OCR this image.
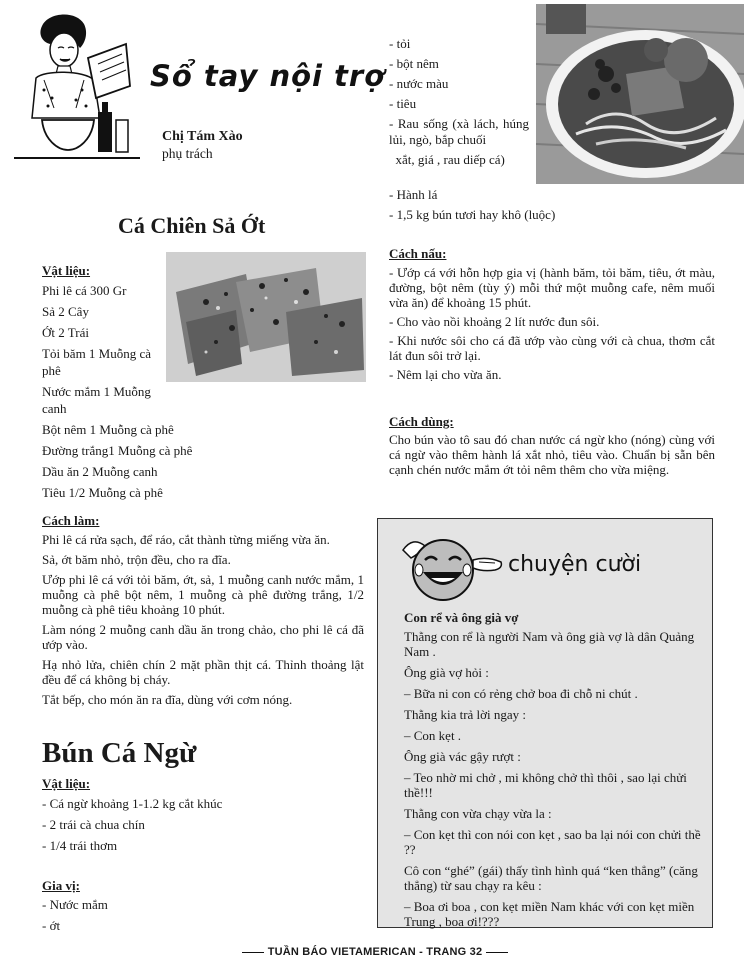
Sổ tay nội trợ
Chị Tám Xào
phụ trách
Cá Chiên Sả Ớt
Vật liệu:
Phi lê cá 300 Gr
Sả 2 Cây
Ớt 2 Trái
Tỏi băm 1 Muỗng cà phê
Nước mắm 1 Muỗng canh
Bột nêm 1 Muỗng cà phê
Đường trắng1 Muỗng cà phê
Dầu ăn 2 Muỗng canh
Tiêu 1/2 Muỗng cà phê
Cách làm:
Phi lê cá rửa sạch, để ráo, cắt thành từng miếng vừa ăn.
Sả, ớt băm nhỏ, trộn đều, cho ra đĩa.
Ướp phi lê cá với tỏi băm, ớt, sả, 1 muỗng canh nước mắm, 1 muỗng cà phê bột nêm, 1 muỗng cà phê đường trắng, 1/2 muỗng cà phê tiêu khoảng 10 phút.
Làm nóng 2 muỗng canh dầu ăn trong chảo, cho phi lê cá đã ướp vào.
Hạ nhỏ lửa, chiên chín 2 mặt phần thịt cá. Thỉnh thoảng lật đều để cá không bị cháy.
Tắt bếp, cho món ăn ra đĩa, dùng với cơm nóng.
Bún Cá Ngừ
Vật liệu:
- Cá ngừ khoảng 1-1.2 kg cắt khúc
- 2 trái cà chua chín
- 1/4 trái thơm
Gia vị:
- Nước mắm
- ớt
- tỏi
- bột nêm
- nước màu
- tiêu
- Rau sống (xà lách, húng lủi, ngò, bắp chuối
xắt, giá , rau diếp cá)
- Hành lá
- 1,5 kg bún tươi hay khô (luộc)
Cách nấu:
- Ướp cá với hỗn hợp gia vị (hành băm, tỏi băm, tiêu, ớt màu, đường, bột nêm (tùy ý) mỗi thứ một muỗng cafe, nêm muối vừa ăn) để khoảng 15 phút.
- Cho vào nồi khoảng 2 lít nước đun sôi.
- Khi nước sôi cho cá đã ướp vào cùng với cà chua, thơm cắt lát đun sôi trở lại.
- Nêm lại cho vừa ăn.
Cách dùng:
Cho bún vào tô sau đó chan nước cá ngừ kho (nóng) cùng với cá ngừ vào thêm hành lá xắt nhỏ, tiêu vào. Chuẩn bị sẵn bên cạnh chén nước mắm ớt tỏi nêm thêm cho vừa miệng.
chuyện cười
Con rể và ông già vợ
Thằng con rể là người Nam và ông già vợ là dân Quảng Nam .
Ông già vợ hỏi :
– Bữa ni con có rẻng chở boa đi chỗ ni chút .
Thằng kia trả lời ngay :
– Con kẹt .
Ông già vác gậy rượt :
– Teo nhờ mi chở , mi không chở thì thôi , sao lại chửi thề!!!
Thằng con vừa chạy vừa la :
– Con kẹt thì con nói con kẹt , sao ba lại nói con chửi thề ??
Cô con “ghé” (gái) thấy tình hình quá “ken thẳng” (căng thẳng) từ sau chạy ra kêu :
– Boa ơi boa , con kẹt miền Nam khác với con kẹt miền Trung , boa ơi!???
TUẦN BÁO VIETAMERICAN - TRANG 32
